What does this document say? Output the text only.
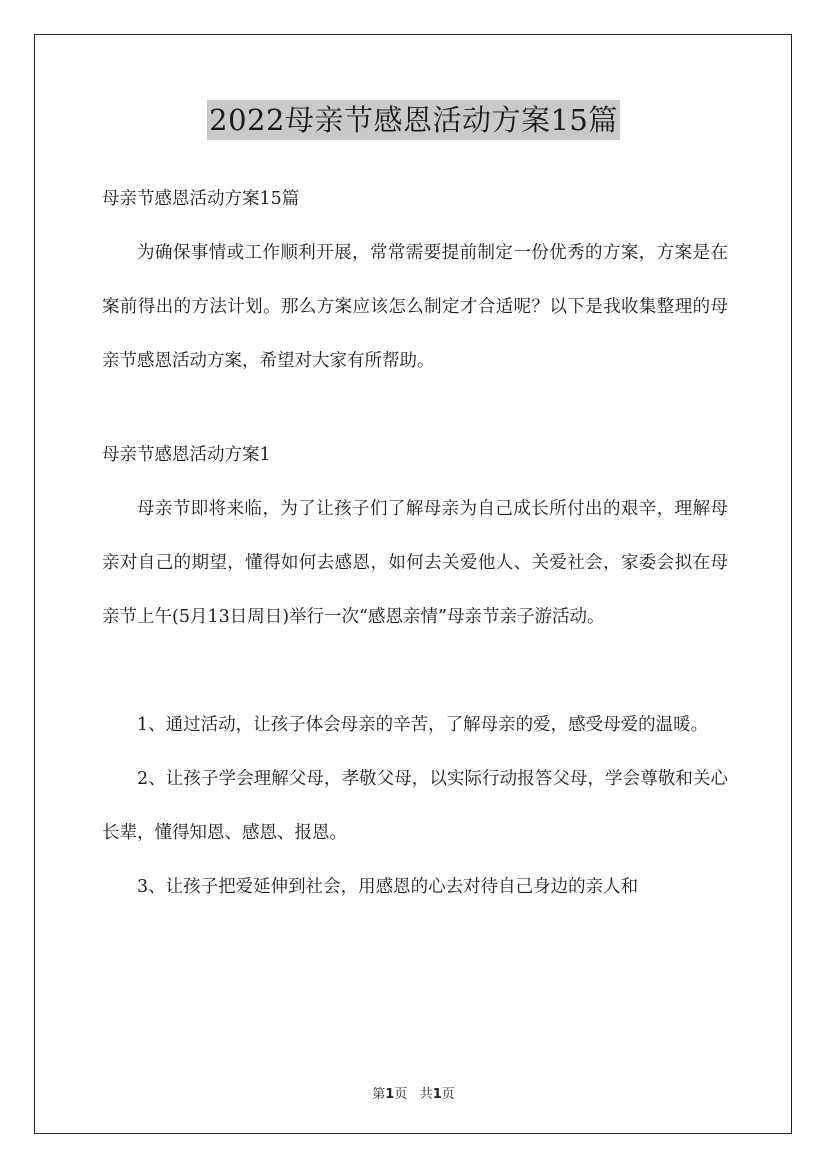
2022母亲节感恩活动方案15篇

母亲节感恩活动方案15篇

为确保事情或工作顺利开展，常常需要提前制定一份优秀的方案，方案是在案前得出的方法计划。那么方案应该怎么制定才合适呢？以下是我收集整理的母亲节感恩活动方案，希望对大家有所帮助。

母亲节感恩活动方案1

母亲节即将来临，为了让孩子们了解母亲为自己成长所付出的艰辛，理解母亲对自己的期望，懂得如何去感恩，如何去关爱他人、关爱社会，家委会拟在母亲节上午(5月13日周日)举行一次“感恩亲情”母亲节亲子游活动。

1、通过活动，让孩子体会母亲的辛苦，了解母亲的爱，感受母爱的温暖。

2、让孩子学会理解父母，孝敬父母，以实际行动报答父母，学会尊敬和关心长辈，懂得知恩、感恩、报恩。

3、让孩子把爱延伸到社会，用感恩的心去对待自己身边的亲人和

第1页 共1页
